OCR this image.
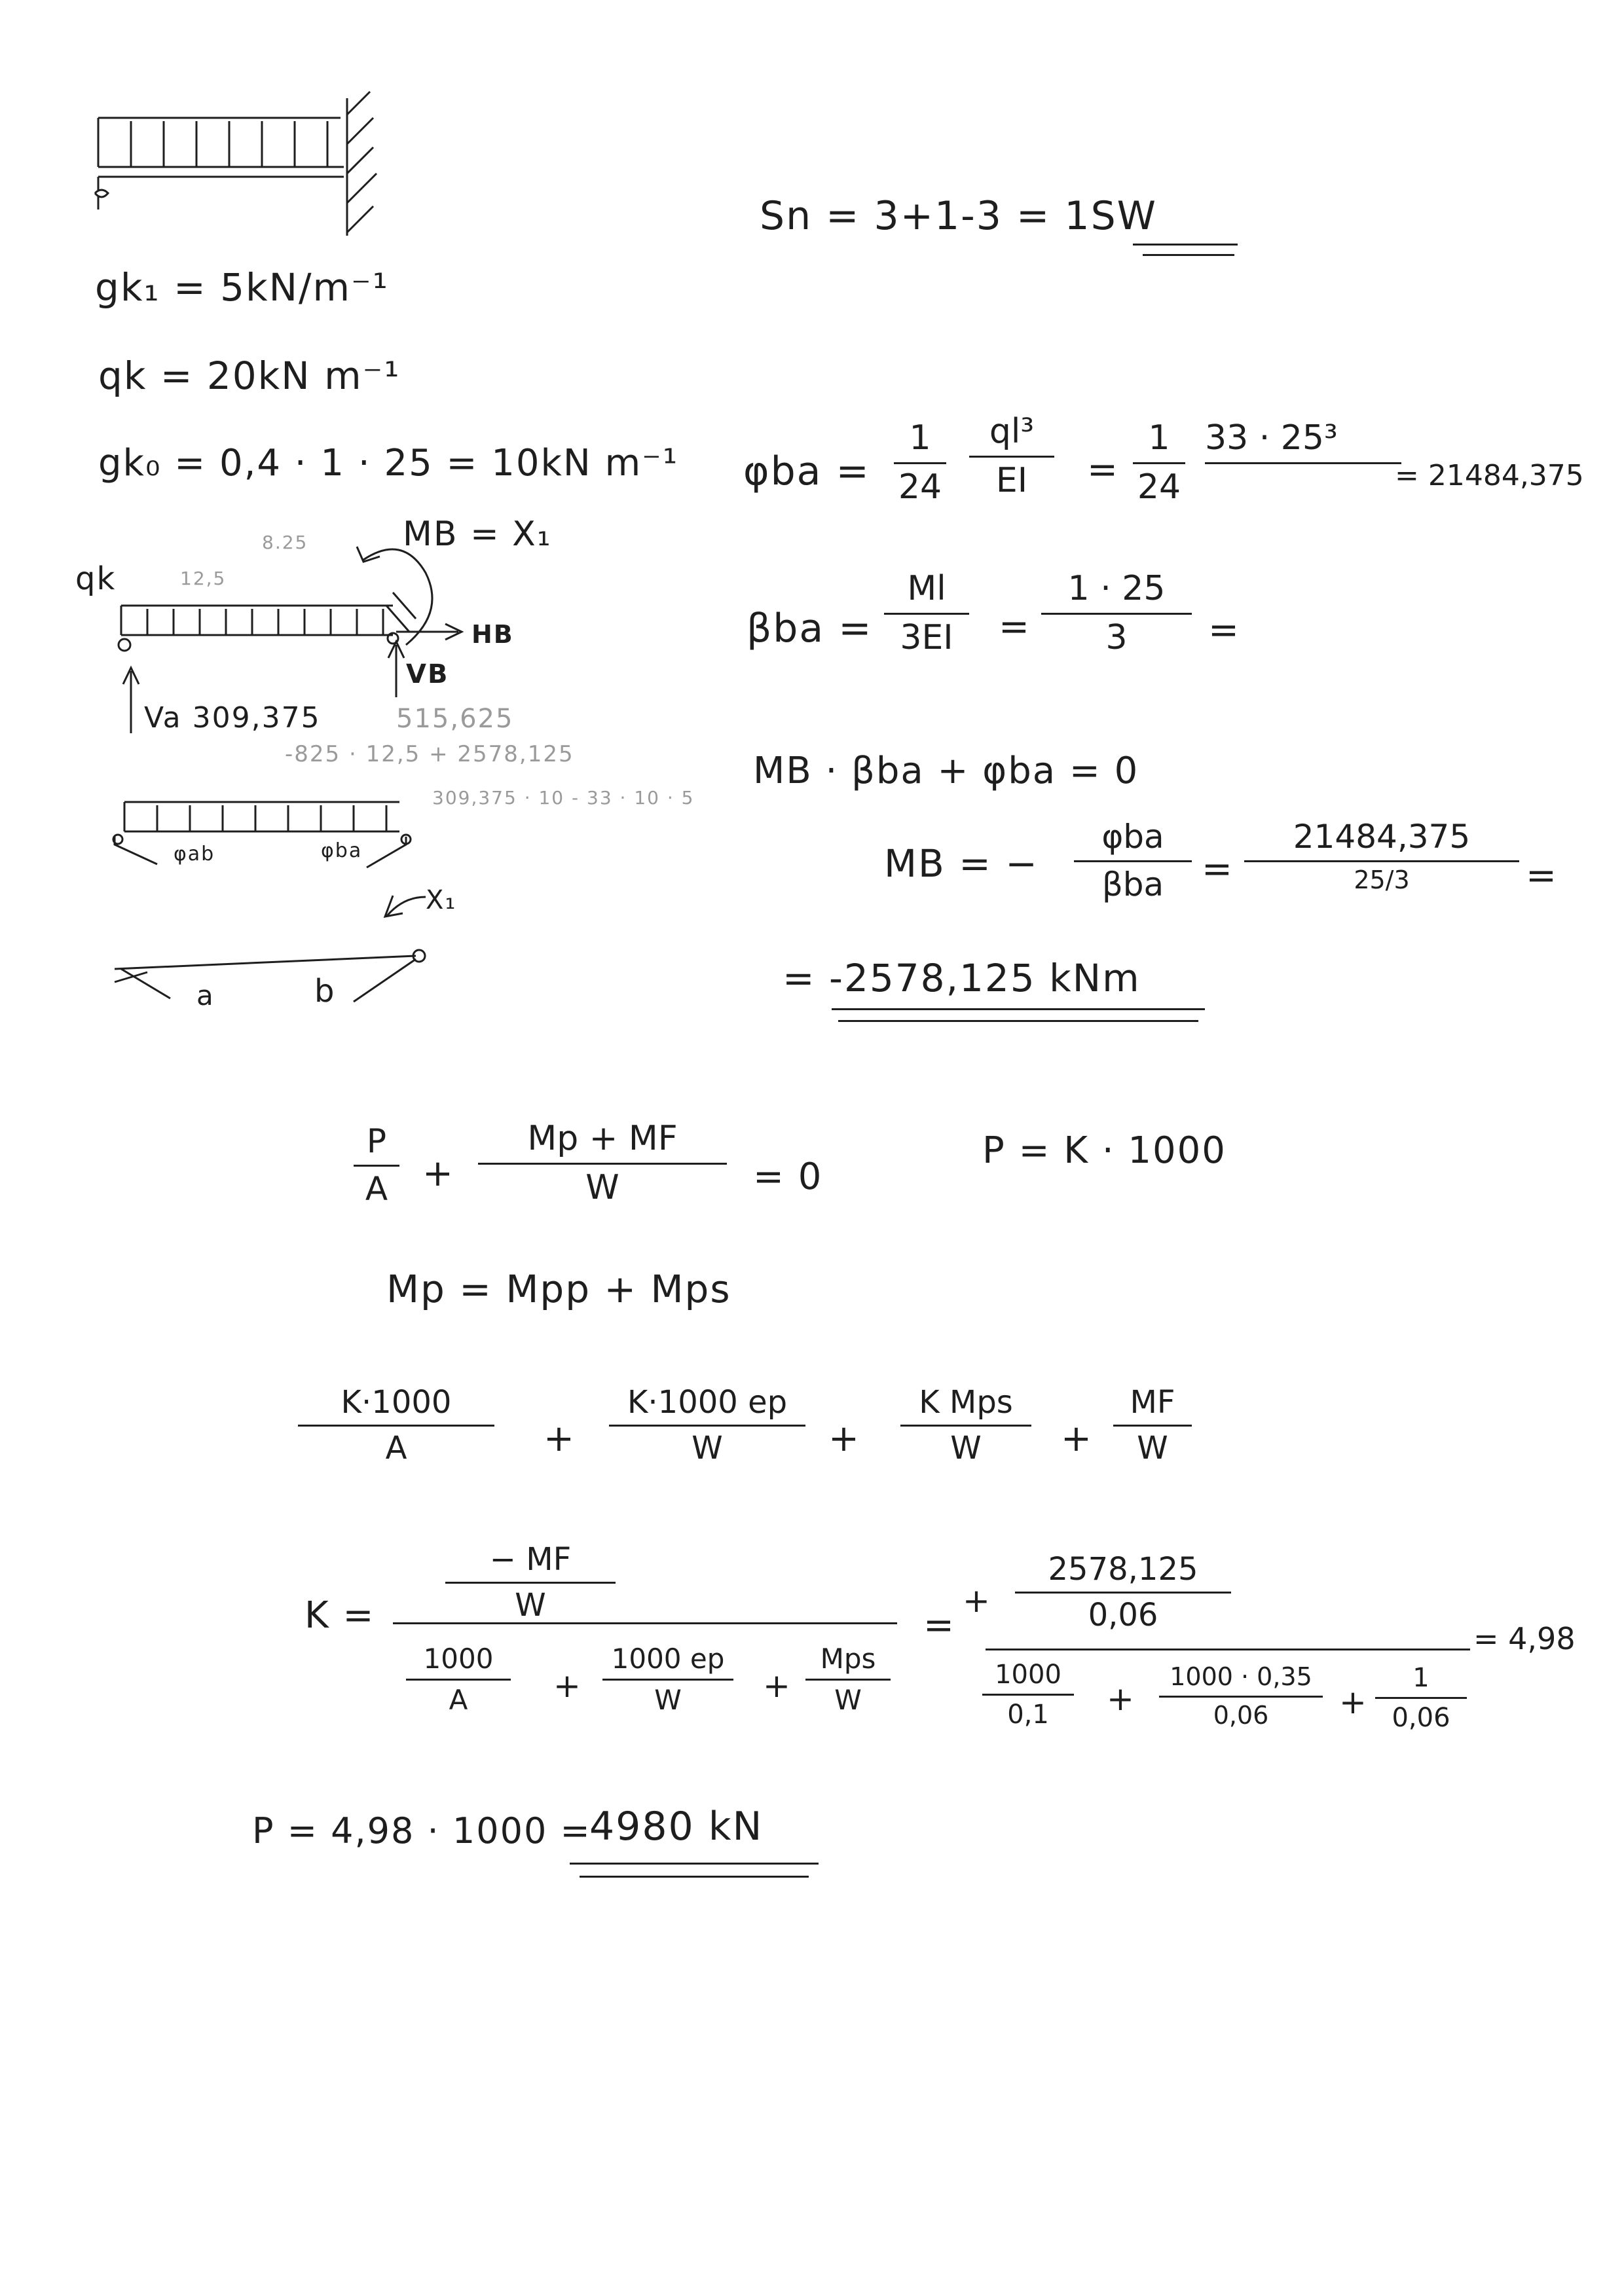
Sn = 3+1-3 = 1SW
gk₁ = 5kN/m⁻¹
qk = 20kN m⁻¹
gk₀ = 0,4 · 1 · 25 = 10kN m⁻¹
qk
8.25
12,5
MB = X₁
HB
VB
Va 309,375	515,625
-825 · 12,5 + 2578,125
309,375 · 10 - 33 · 10 · 5
φab	φba
X₁
a	b
φba =
1
24
ql³
EI	=
1
24
33 · 25³
= 21484,375
βba =
Ml
3EI	=
1 · 25
3	=
MB · βba + φba = 0
MB = −
φba
βba	=
21484,375
25/3	=
= -2578,125 kNm
P
A +
Mp + MF
W	= 0
P = K · 1000
Mp = Mpp + Mps
K·1000
A	+
K·1000 ep
W	+
K Mps
W	+
MF
W
K =
− MF
W
1000
A	+
1000 ep
W	+
Mps
W
=
+
2578,125
0,06
1000
0,1	+
1000 · 0,35
0,06	+
1
0,06
= 4,98
P = 4,98 · 1000 =
4980 kN
